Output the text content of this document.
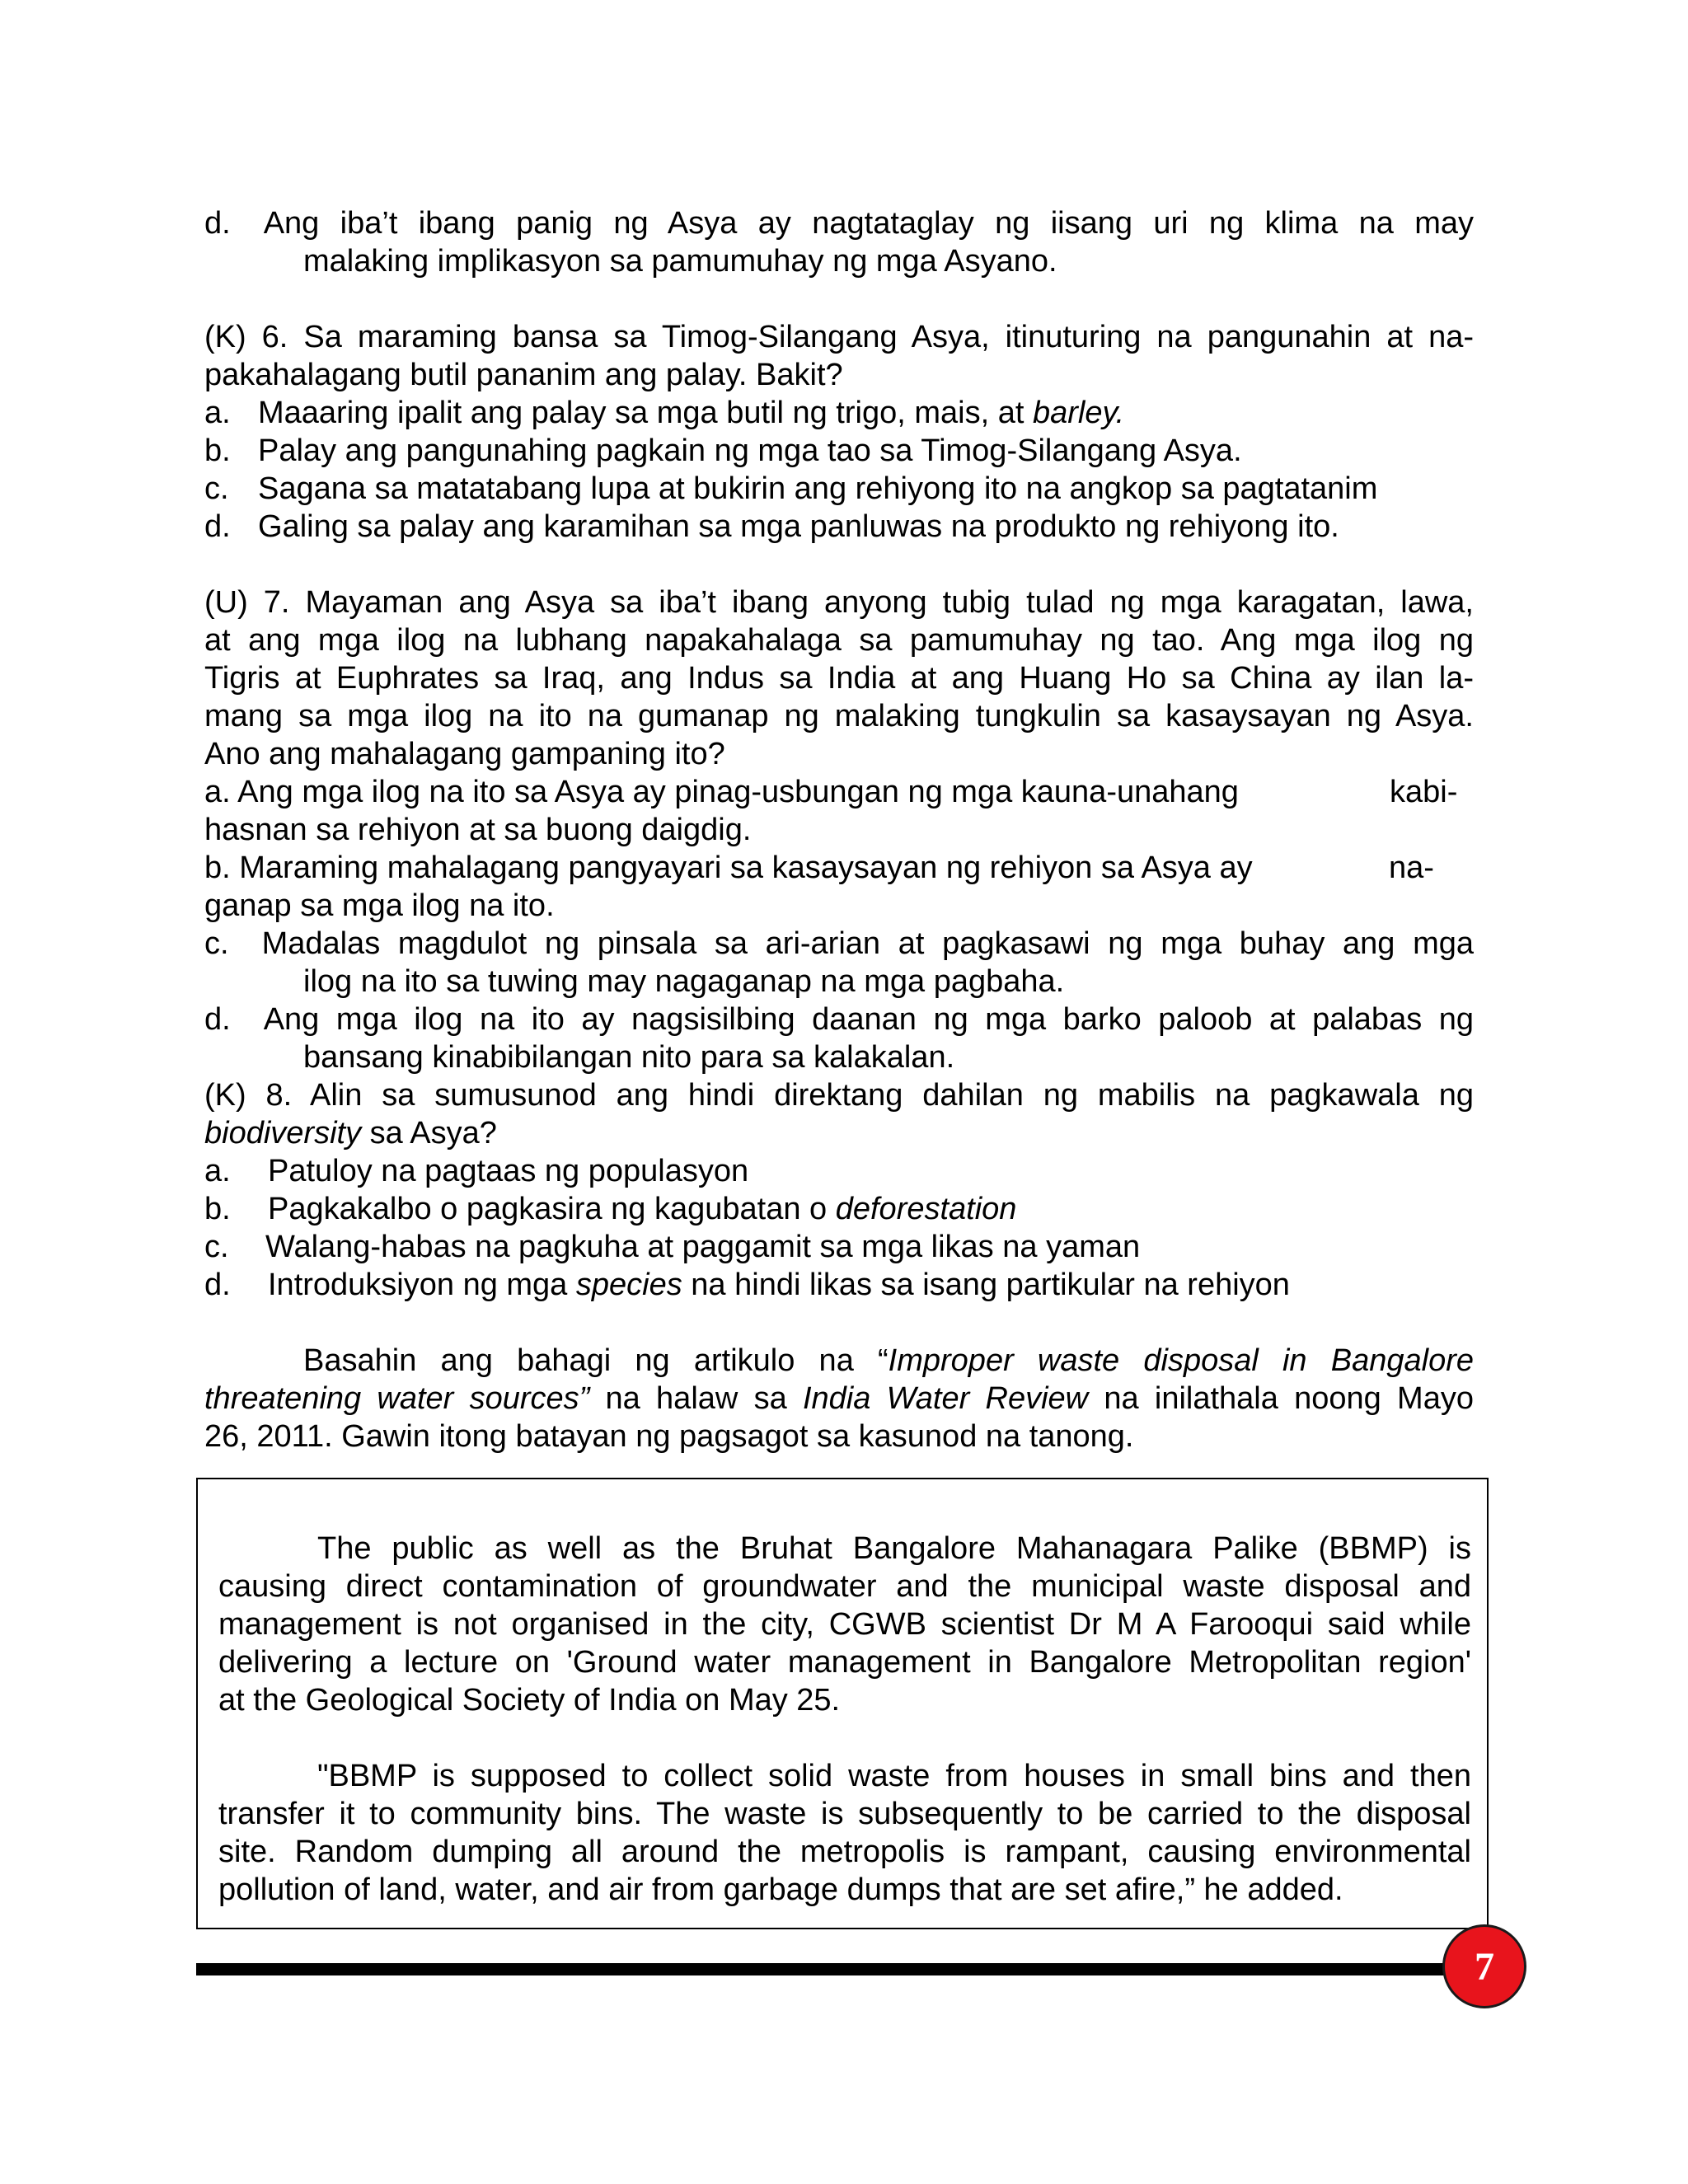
d. Ang iba’t ibang panig ng Asya ay nagtataglay ng iisang uri ng klima na may
malaking implikasyon sa pamumuhay ng mga Asyano.
(K) 6. Sa maraming bansa sa Timog-Silangang Asya, itinuturing na pangunahin at na-
pakahalagang butil pananim ang palay. Bakit?
a. Maaaring ipalit ang palay sa mga butil ng trigo, mais, at barley.
b. Palay ang pangunahing pagkain ng mga tao sa Timog-Silangang Asya.
c. Sagana sa matatabang lupa at bukirin ang rehiyong ito na angkop sa pagtatanim
d. Galing sa palay ang karamihan sa mga panluwas na produkto ng rehiyong ito.
(U) 7. Mayaman ang Asya sa iba’t ibang anyong tubig tulad ng mga karagatan, lawa,
at ang mga ilog na lubhang napakahalaga sa pamumuhay ng tao. Ang mga ilog ng
Tigris at Euphrates sa Iraq, ang Indus sa India at ang Huang Ho sa China ay ilan la-
mang sa mga ilog na ito na gumanap ng malaking tungkulin sa kasaysayan ng Asya.
Ano ang mahalagang gampaning ito?
a. Ang mga ilog na ito sa Asya ay pinag-usbungan ng mga kauna-unahang	kabi-
hasnan sa rehiyon at sa buong daigdig.
b. Maraming mahalagang pangyayari sa kasaysayan ng rehiyon sa Asya ay	na-
ganap sa mga ilog na ito.
c. Madalas magdulot ng pinsala sa ari-arian at pagkasawi ng mga buhay ang mga
ilog na ito sa tuwing may nagaganap na mga pagbaha.
d. Ang mga ilog na ito ay nagsisilbing daanan ng mga barko paloob at palabas ng
bansang kinabibilangan nito para sa kalakalan.
(K) 8. Alin sa sumusunod ang hindi direktang dahilan ng mabilis na pagkawala ng
biodiversity sa Asya?
a. Patuloy na pagtaas ng populasyon
b. Pagkakalbo o pagkasira ng kagubatan o deforestation
c. Walang-habas na pagkuha at paggamit sa mga likas na yaman
d. Introduksiyon ng mga species na hindi likas sa isang partikular na rehiyon
Basahin ang bahagi ng artikulo na “Improper waste disposal in Bangalore
threatening water sources” na halaw sa India Water Review na inilathala noong Mayo
26, 2011. Gawin itong batayan ng pagsagot sa kasunod na tanong.
The public as well as the Bruhat Bangalore Mahanagara Palike (BBMP) is
causing direct contamination of groundwater and the municipal waste disposal and
management is not organised in the city, CGWB scientist Dr M A Farooqui said while
delivering a lecture on 'Ground water management in Bangalore Metropolitan region'
at the Geological Society of India on May 25.
"BBMP is supposed to collect solid waste from houses in small bins and then
transfer it to community bins. The waste is subsequently to be carried to the disposal
site. Random dumping all around the metropolis is rampant, causing environmental
pollution of land, water, and air from garbage dumps that are set afire,” he added.
7
